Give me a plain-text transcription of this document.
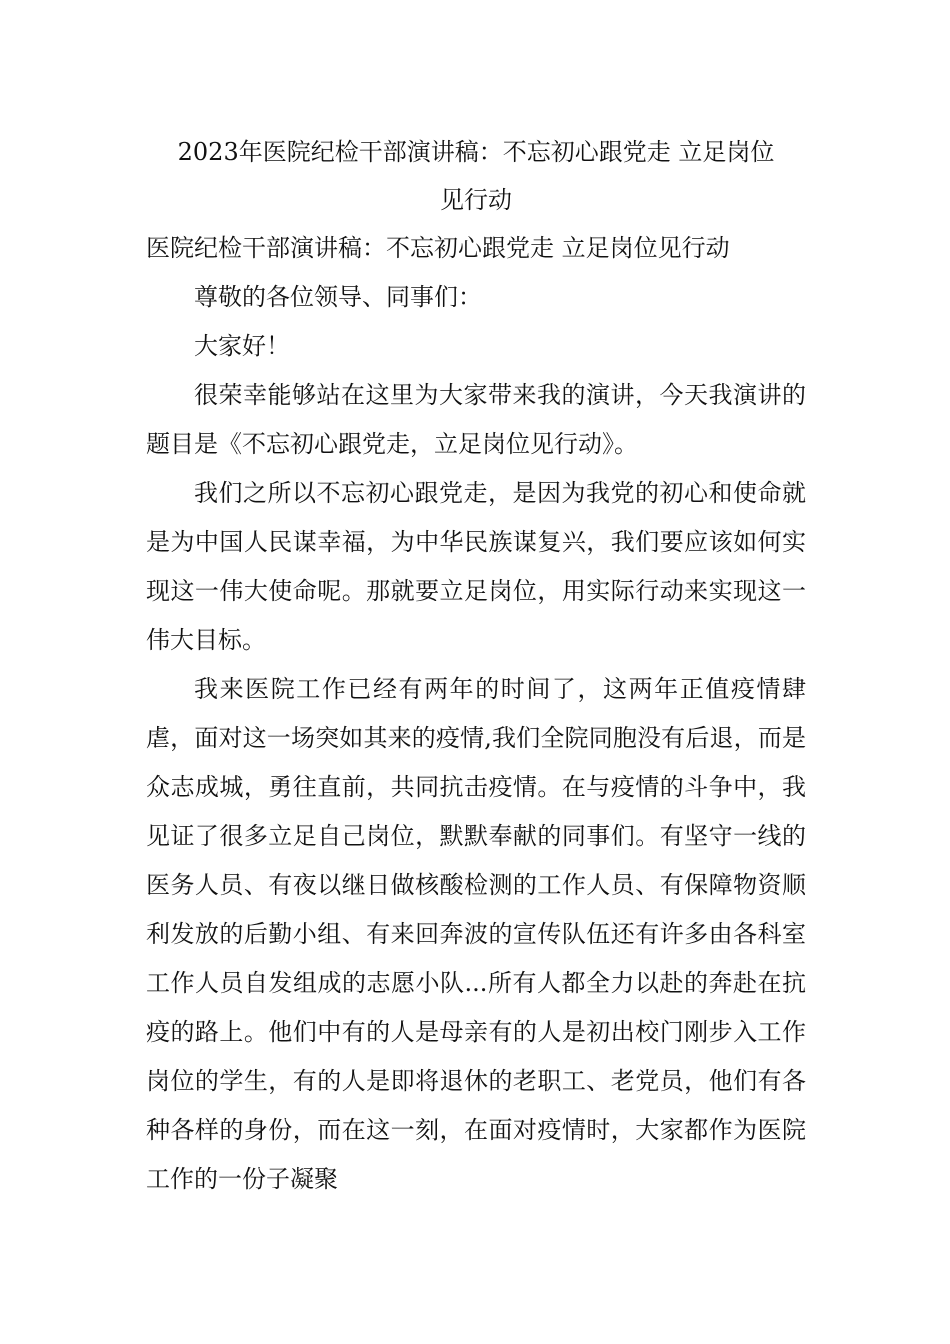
2023年医院纪检干部演讲稿：不忘初心跟党走 立足岗位
见行动

医院纪检干部演讲稿：不忘初心跟党走 立足岗位见行动

尊敬的各位领导、同事们：

大家好！

很荣幸能够站在这里为大家带来我的演讲，今天我演讲的题目是《不忘初心跟党走，立足岗位见行动》。

我们之所以不忘初心跟党走，是因为我党的初心和使命就是为中国人民谋幸福，为中华民族谋复兴，我们要应该如何实现这一伟大使命呢。那就要立足岗位，用实际行动来实现这一伟大目标。

我来医院工作已经有两年的时间了，这两年正值疫情肆虐，面对这一场突如其来的疫情,我们全院同胞没有后退，而是众志成城，勇往直前，共同抗击疫情。在与疫情的斗争中，我见证了很多立足自己岗位，默默奉献的同事们。有坚守一线的医务人员、有夜以继日做核酸检测的工作人员、有保障物资顺利发放的后勤小组、有来回奔波的宣传队伍还有许多由各科室工作人员自发组成的志愿小队...所有人都全力以赴的奔赴在抗疫的路上。他们中有的人是母亲有的人是初出校门刚步入工作岗位的学生，有的人是即将退休的老职工、老党员，他们有各种各样的身份，而在这一刻，在面对疫情时，大家都作为医院工作的一份子凝聚
